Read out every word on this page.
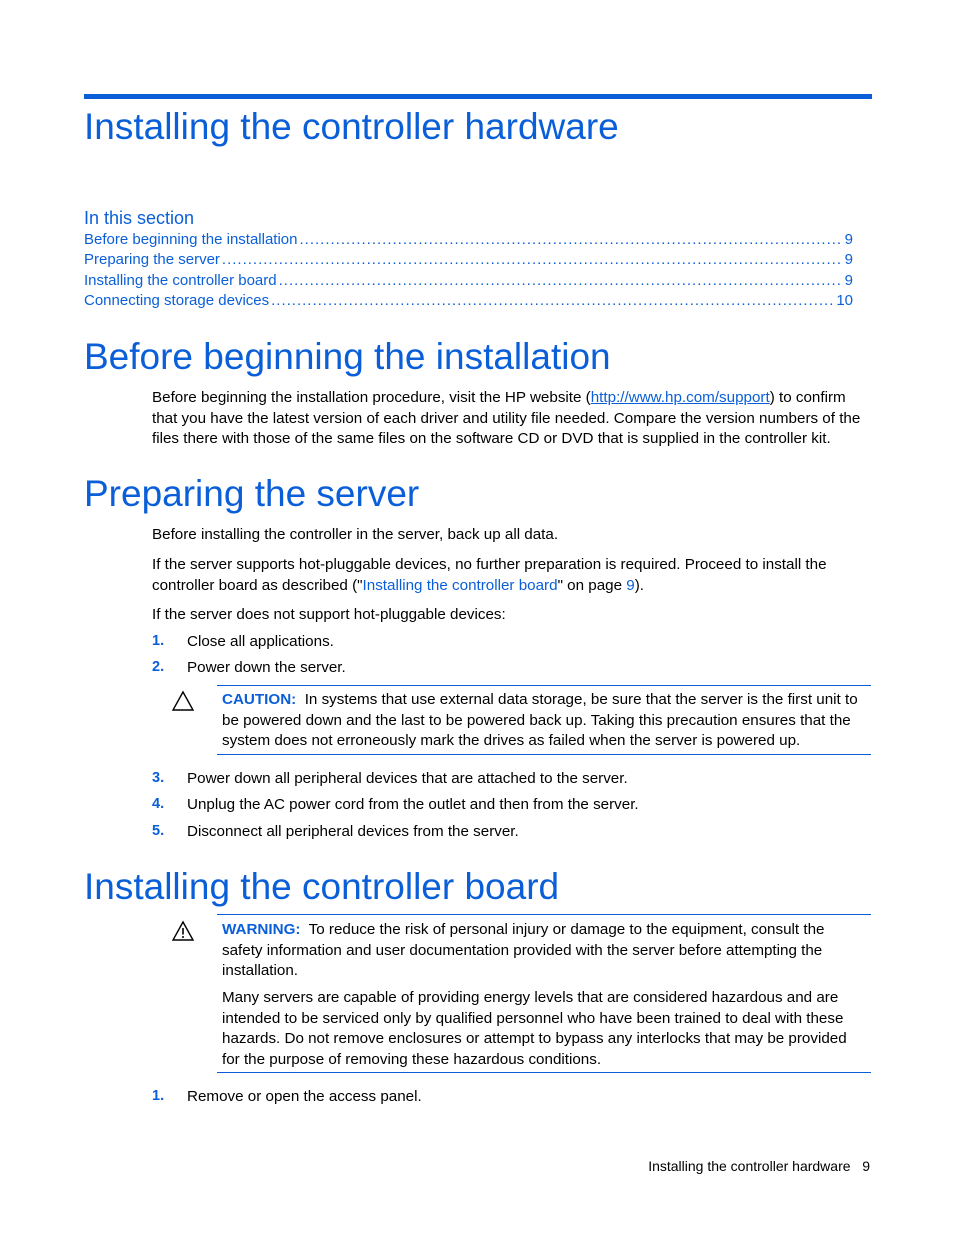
Installing the controller hardware
In this section
Before beginning the installation .....	9
Preparing the server .....	9
Installing the controller board .....	9
Connecting storage devices .....	10
Before beginning the installation
Before beginning the installation procedure, visit the HP website (http://www.hp.com/support) to confirm that you have the latest version of each driver and utility file needed. Compare the version numbers of the files there with those of the same files on the software CD or DVD that is supplied in the controller kit.
Preparing the server
Before installing the controller in the server, back up all data.
If the server supports hot-pluggable devices, no further preparation is required. Proceed to install the controller board as described ("Installing the controller board" on page 9).
If the server does not support hot-pluggable devices:
1. Close all applications.
2. Power down the server.
CAUTION: In systems that use external data storage, be sure that the server is the first unit to be powered down and the last to be powered back up. Taking this precaution ensures that the system does not erroneously mark the drives as failed when the server is powered up.
3. Power down all peripheral devices that are attached to the server.
4. Unplug the AC power cord from the outlet and then from the server.
5. Disconnect all peripheral devices from the server.
Installing the controller board
WARNING: To reduce the risk of personal injury or damage to the equipment, consult the safety information and user documentation provided with the server before attempting the installation.
Many servers are capable of providing energy levels that are considered hazardous and are intended to be serviced only by qualified personnel who have been trained to deal with these hazards. Do not remove enclosures or attempt to bypass any interlocks that may be provided for the purpose of removing these hazardous conditions.
1. Remove or open the access panel.
Installing the controller hardware 9
